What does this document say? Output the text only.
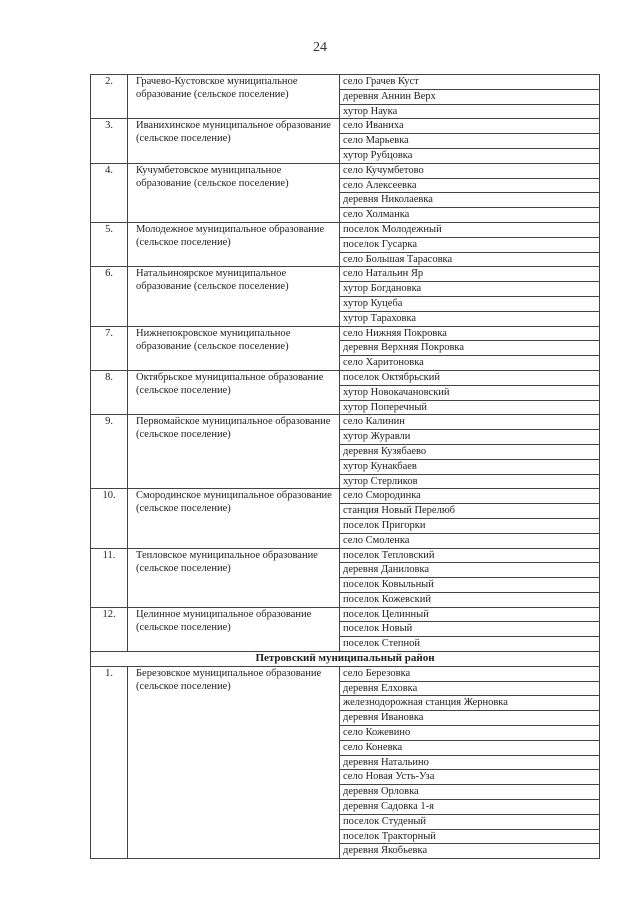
24
2.	Грачево-Кустовское муниципальное образование (сельское поселение)	село Грачев Куст
		деревня Аннин Верх
		хутор Наука
3.	Иванихинское муниципальное образование (сельское поселение)	село Иваниха
		село Марьевка
		хутор Рубцовка
4.	Кучумбетовское муниципальное образование (сельское поселение)	село Кучумбетово
		село Алексеевка
		деревня Николаевка
		село Холманка
5.	Молодежное муниципальное образование (сельское поселение)	поселок Молодежный
		поселок Гусарка
		село Большая Тарасовка
6.	Натальиноярское муниципальное образование (сельское поселение)	село Натальин Яр
		хутор Богдановка
		хутор Куцеба
		хутор Тараховка
7.	Нижнепокровское муниципальное образование (сельское поселение)	село Нижняя Покровка
		деревня Верхняя Покровка
		село Харитоновка
8.	Октябрьское муниципальное образование (сельское поселение)	поселок Октябрьский
		хутор Новокачановский
		хутор Поперечный
9.	Первомайское муниципальное образование (сельское поселение)	село Калинин
		хутор Журавли
		деревня Кузябаево
		хутор Кунакбаев
		хутор Стерликов
10.	Смородинское муниципальное образование (сельское поселение)	село Смородинка
		станция Новый Перелюб
		поселок Пригорки
		село Смоленка
11.	Тепловское муниципальное образование (сельское поселение)	поселок Тепловский
		деревня Даниловка
		поселок Ковыльный
		поселок Кожевский
12.	Целинное муниципальное образование (сельское поселение)	поселок Целинный
		поселок Новый
		поселок Степной
Петровский муниципальный район		
1.	Березовское муниципальное образование (сельское поселение)	село Березовка
		деревня Елховка
		железнодорожная станция Жерновка
		деревня Ивановка
		село Кожевино
		село Коневка
		деревня Натальино
		село Новая Усть-Уза
		деревня Орловка
		деревня Садовка 1-я
		поселок Студеный
		поселок Тракторный
		деревня Якобьевка
